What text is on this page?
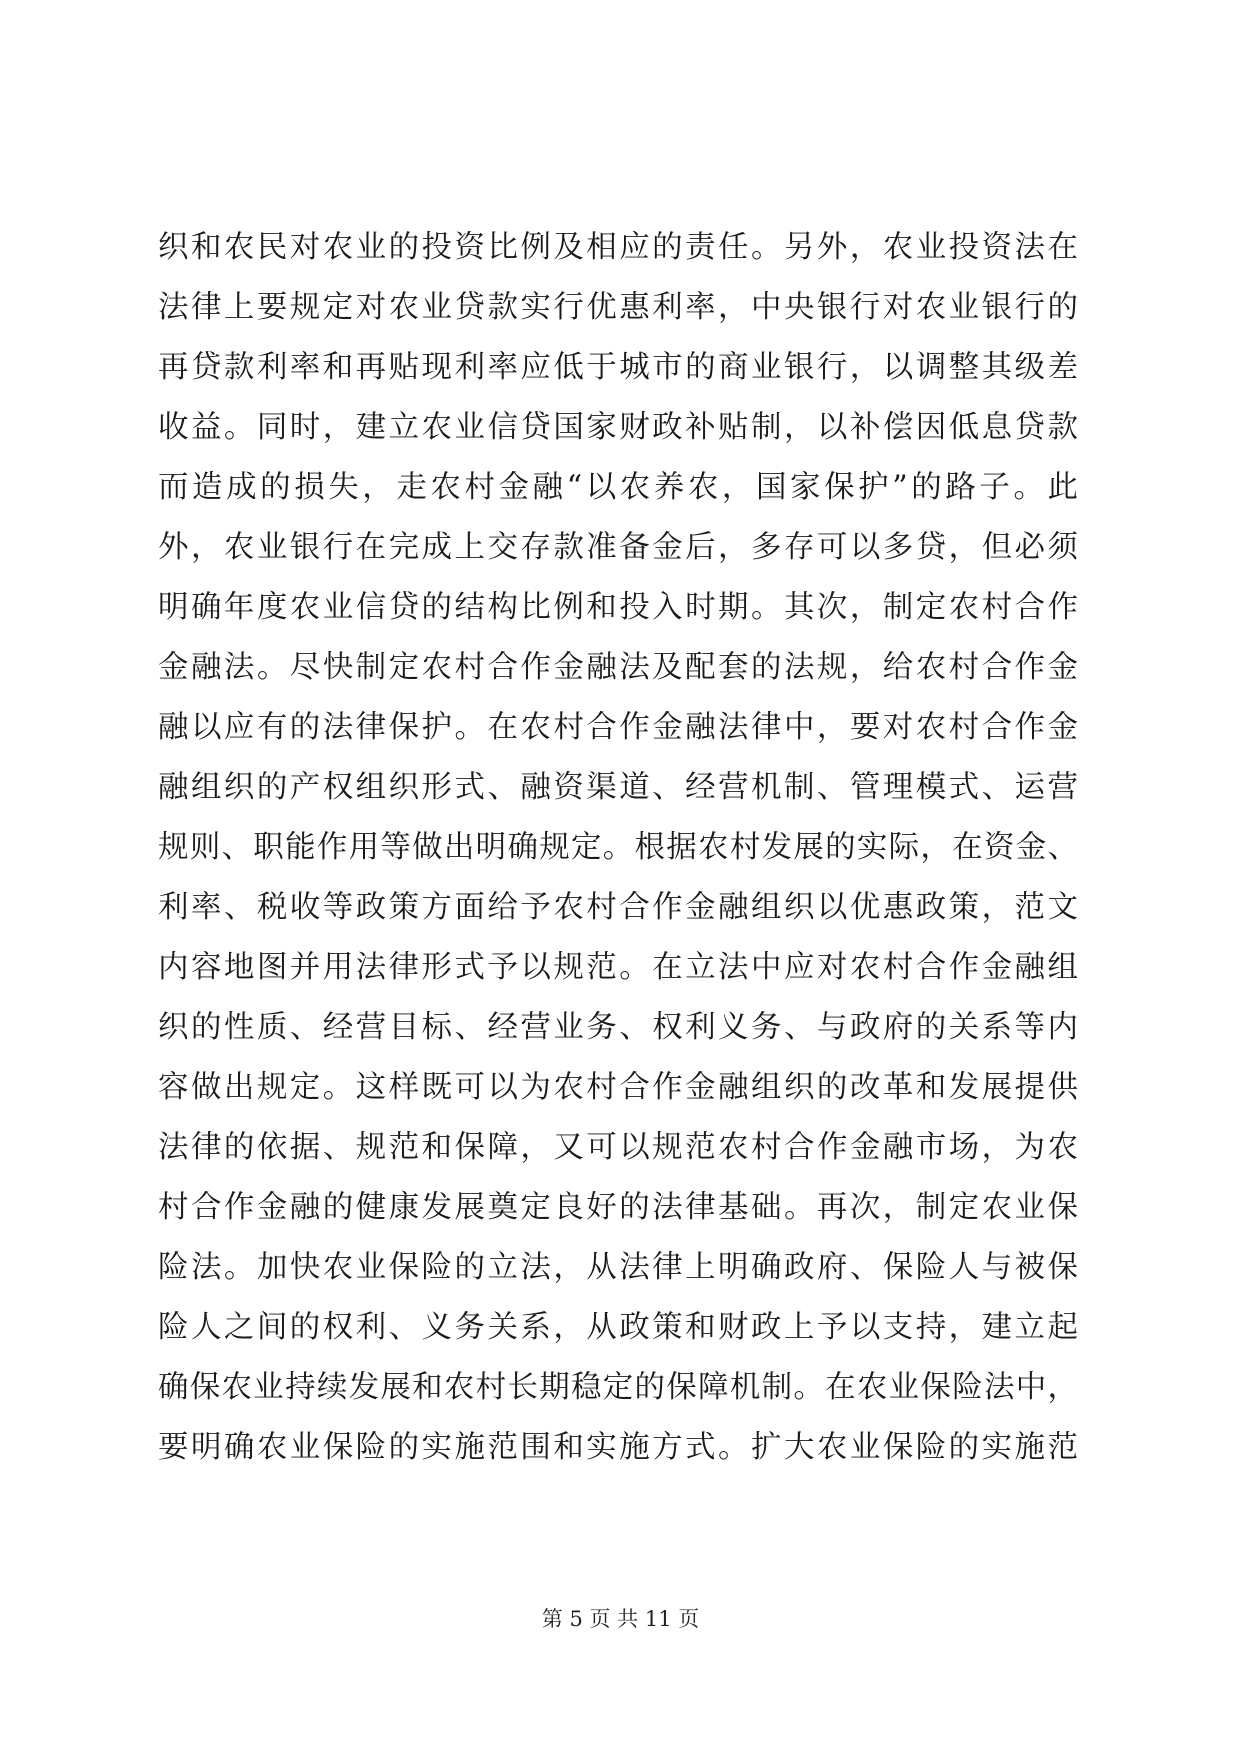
织和农民对农业的投资比例及相应的责任。另外，农业投资法在
法律上要规定对农业贷款实行优惠利率，中央银行对农业银行的
再贷款利率和再贴现利率应低于城市的商业银行，以调整其级差
收益。同时，建立农业信贷国家财政补贴制，以补偿因低息贷款
而造成的损失，走农村金融“以农养农，国家保护”的路子。此
外，农业银行在完成上交存款准备金后，多存可以多贷，但必须
明确年度农业信贷的结构比例和投入时期。其次，制定农村合作
金融法。尽快制定农村合作金融法及配套的法规，给农村合作金
融以应有的法律保护。在农村合作金融法律中，要对农村合作金
融组织的产权组织形式、融资渠道、经营机制、管理模式、运营
规则、职能作用等做出明确规定。根据农村发展的实际，在资金、
利率、税收等政策方面给予农村合作金融组织以优惠政策，范文
内容地图并用法律形式予以规范。在立法中应对农村合作金融组
织的性质、经营目标、经营业务、权利义务、与政府的关系等内
容做出规定。这样既可以为农村合作金融组织的改革和发展提供
法律的依据、规范和保障，又可以规范农村合作金融市场，为农
村合作金融的健康发展奠定良好的法律基础。再次，制定农业保
险法。加快农业保险的立法，从法律上明确政府、保险人与被保
险人之间的权利、义务关系，从政策和财政上予以支持，建立起
确保农业持续发展和农村长期稳定的保障机制。在农业保险法中，
要明确农业保险的实施范围和实施方式。扩大农业保险的实施范
第 5 页 共 11 页
